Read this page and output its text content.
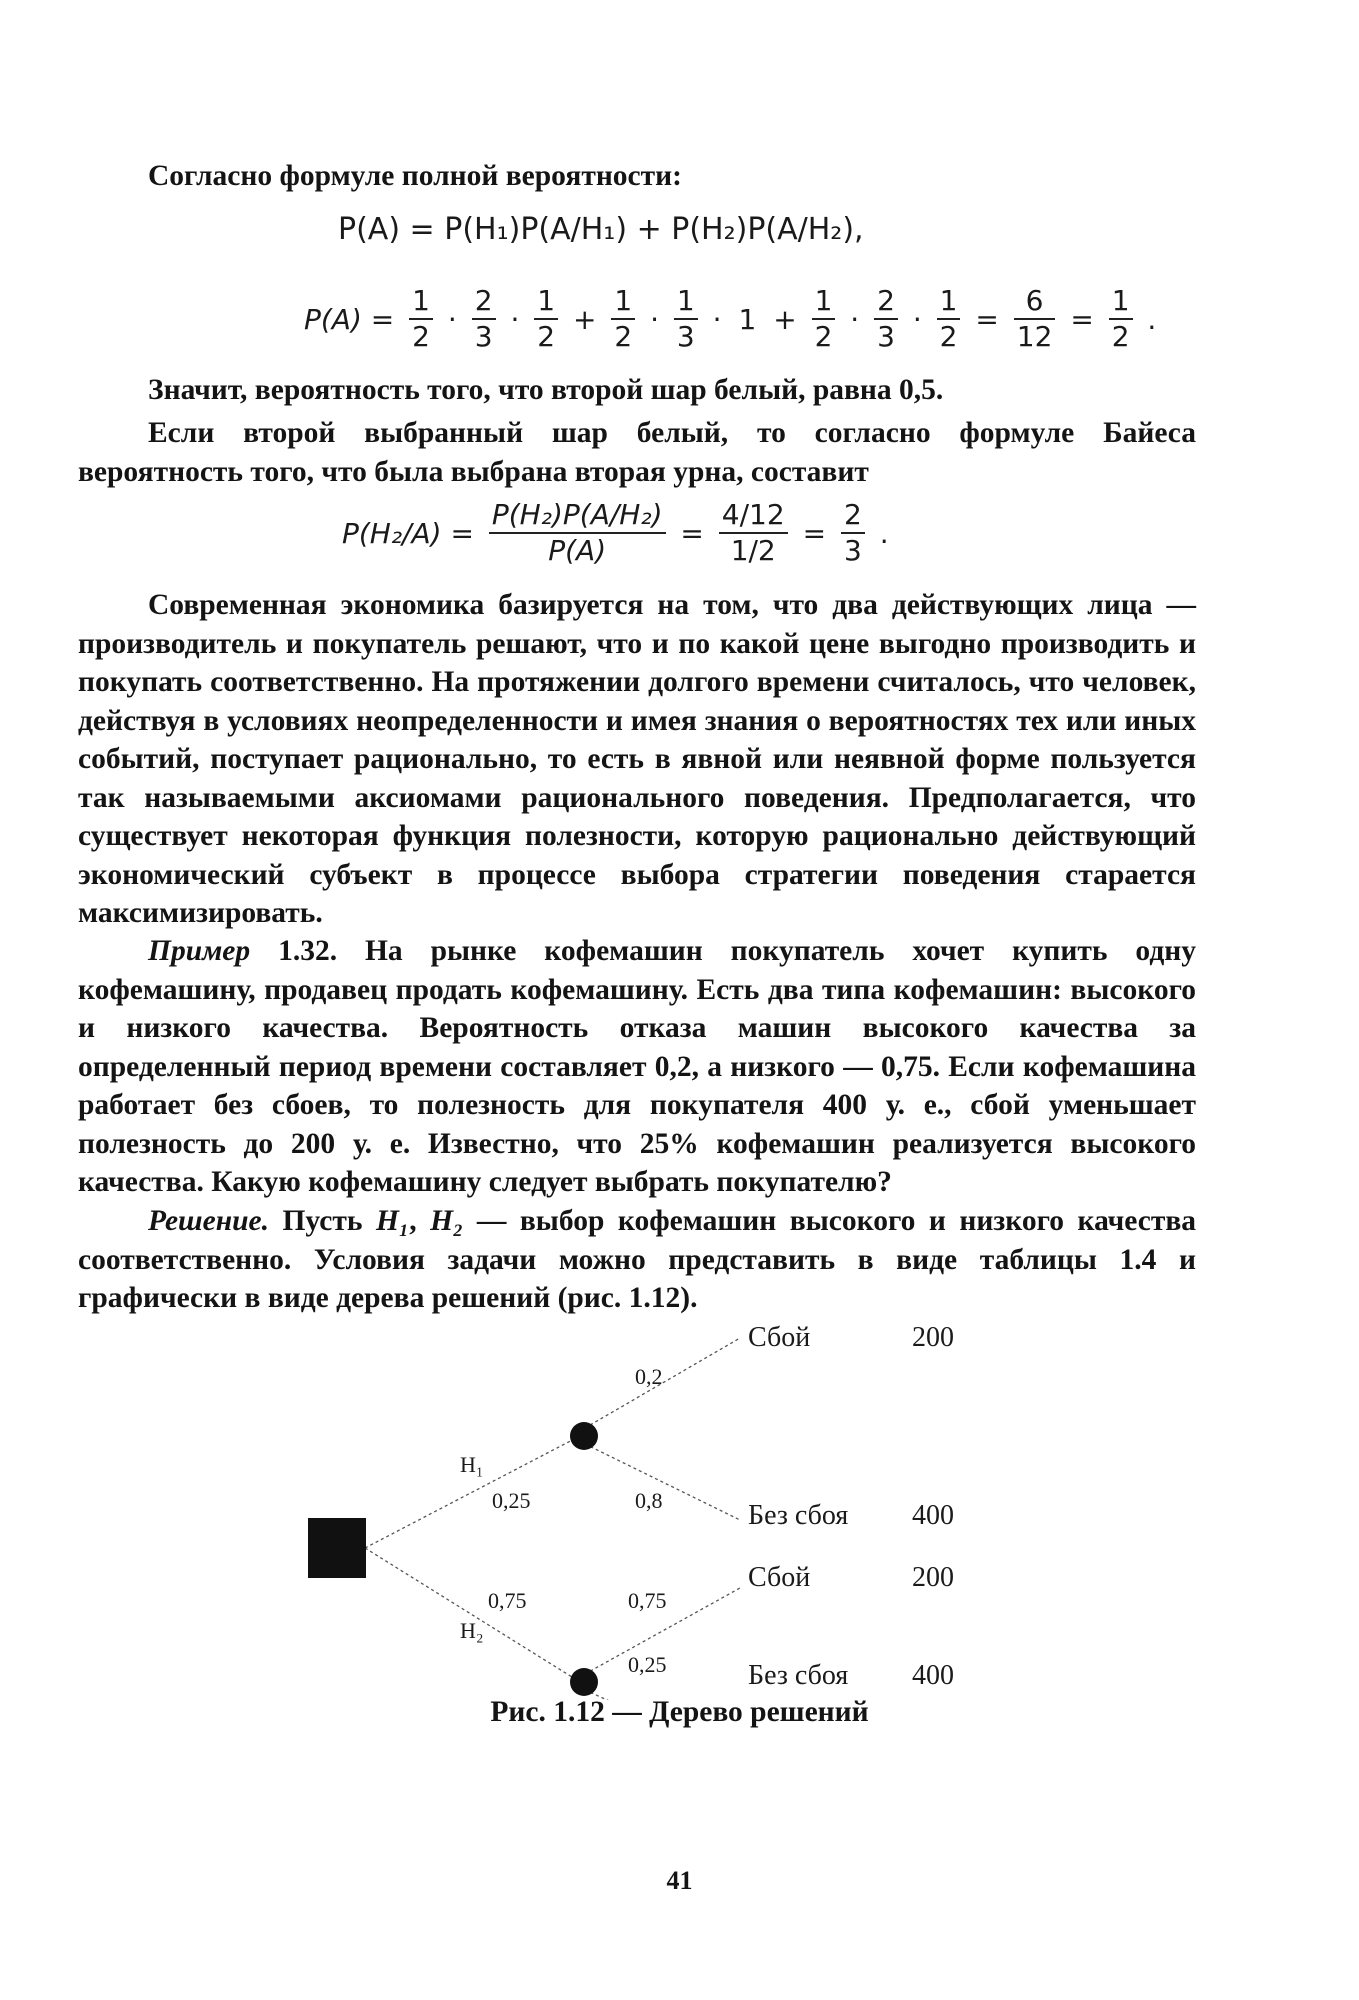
Согласно формуле полной вероятности:
P(A) = P(H₁)P(A/H₁) + P(H₂)P(A/H₂),
$P(A) = \frac{1}{2} \cdot \frac{2}{3} \cdot \frac{1}{2} + \frac{1}{2} \cdot \frac{1}{3} \cdot 1 + \frac{1}{2} \cdot \frac{2}{3} \cdot \frac{1}{2} = \frac{6}{12} = \frac{1}{2}$ .
Значит, вероятность того, что второй шар белый, равна 0,5.

Если второй выбранный шар белый, то согласно формуле Байеса вероятность того, что была выбрана вторая урна, составит

$P(H_2/A) = \frac{\text{P(H₂)P(A/H₂)}}{P(A)} = \frac{4/12}{1/2} = \frac{2}{3}$ .

Современная экономика базируется на том, что два действующих лица — производитель и покупатель решают, что и по какой цене выгодно производить и покупать соответственно. На протяжении долгого времени считалось, что человек, действуя в условиях неопределенности и имея знания о вероятностях тех или иных событий, поступает рационально, то есть в явной или неявной форме пользуется так называемыми аксиомами рационального поведения. Предполагается, что существует некоторая функция полезности, которую рационально действующий экономический субъект в процессе выбора стратегии поведения старается максимизировать.

Пример 1.32. На рынке кофемашин покупатель хочет купить одну кофемашину, продавец продать кофемашину. Есть два типа кофемашин: высокого и низкого качества. Вероятность отказа машин высокого качества за определенный период времени составляет 0,2, а низкого — 0,75. Если кофемашина работает без сбоев, то полезность для покупателя 400 у. е., сбой уменьшает полезность до 200 у. е. Известно, что 25% кофемашин реализуется высокого качества. Какую кофемашину следует выбрать покупателю?

Решение. Пусть H₁, H₂ — выбор кофемашин высокого и низкого качества соответственно. Условия задачи можно представить в виде таблицы 1.4 и графически в виде дерева решений (рис. 1.12).

H₁
0,25
0,75
H₂
0,2
0,8
0,75
0,25
Сбой	200
Без сбоя 400
Сбой	200
Без сбоя 400
Рис. 1.12 — Дерево решений
41
